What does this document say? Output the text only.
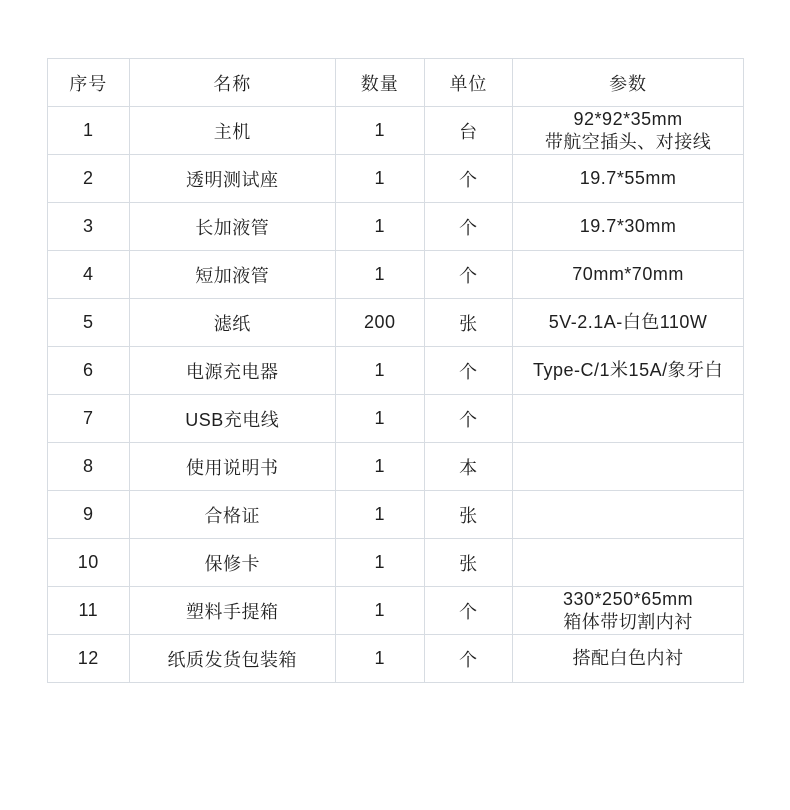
序号	名称	数量	单位	参数
1	主机	1	台	92*92*35mm
带航空插头、对接线

2	透明测试座	1	个	19.7*55mm

3	长加液管	1	个	19.7*30mm

4	短加液管	1	个	70mm*70mm

5	滤纸	200	张	5V-2.1A-白色110W

6	电源充电器	1	个	Type-C/1米15A/象牙白

7	USB充电线	1	个	
8	使用说明书	1	本	
9	合格证	1	张	
10	保修卡	1	张	
11	塑料手提箱	1	个	330*250*65mm
箱体带切割内衬

12	纸质发货包装箱	1	个	搭配白色内衬
